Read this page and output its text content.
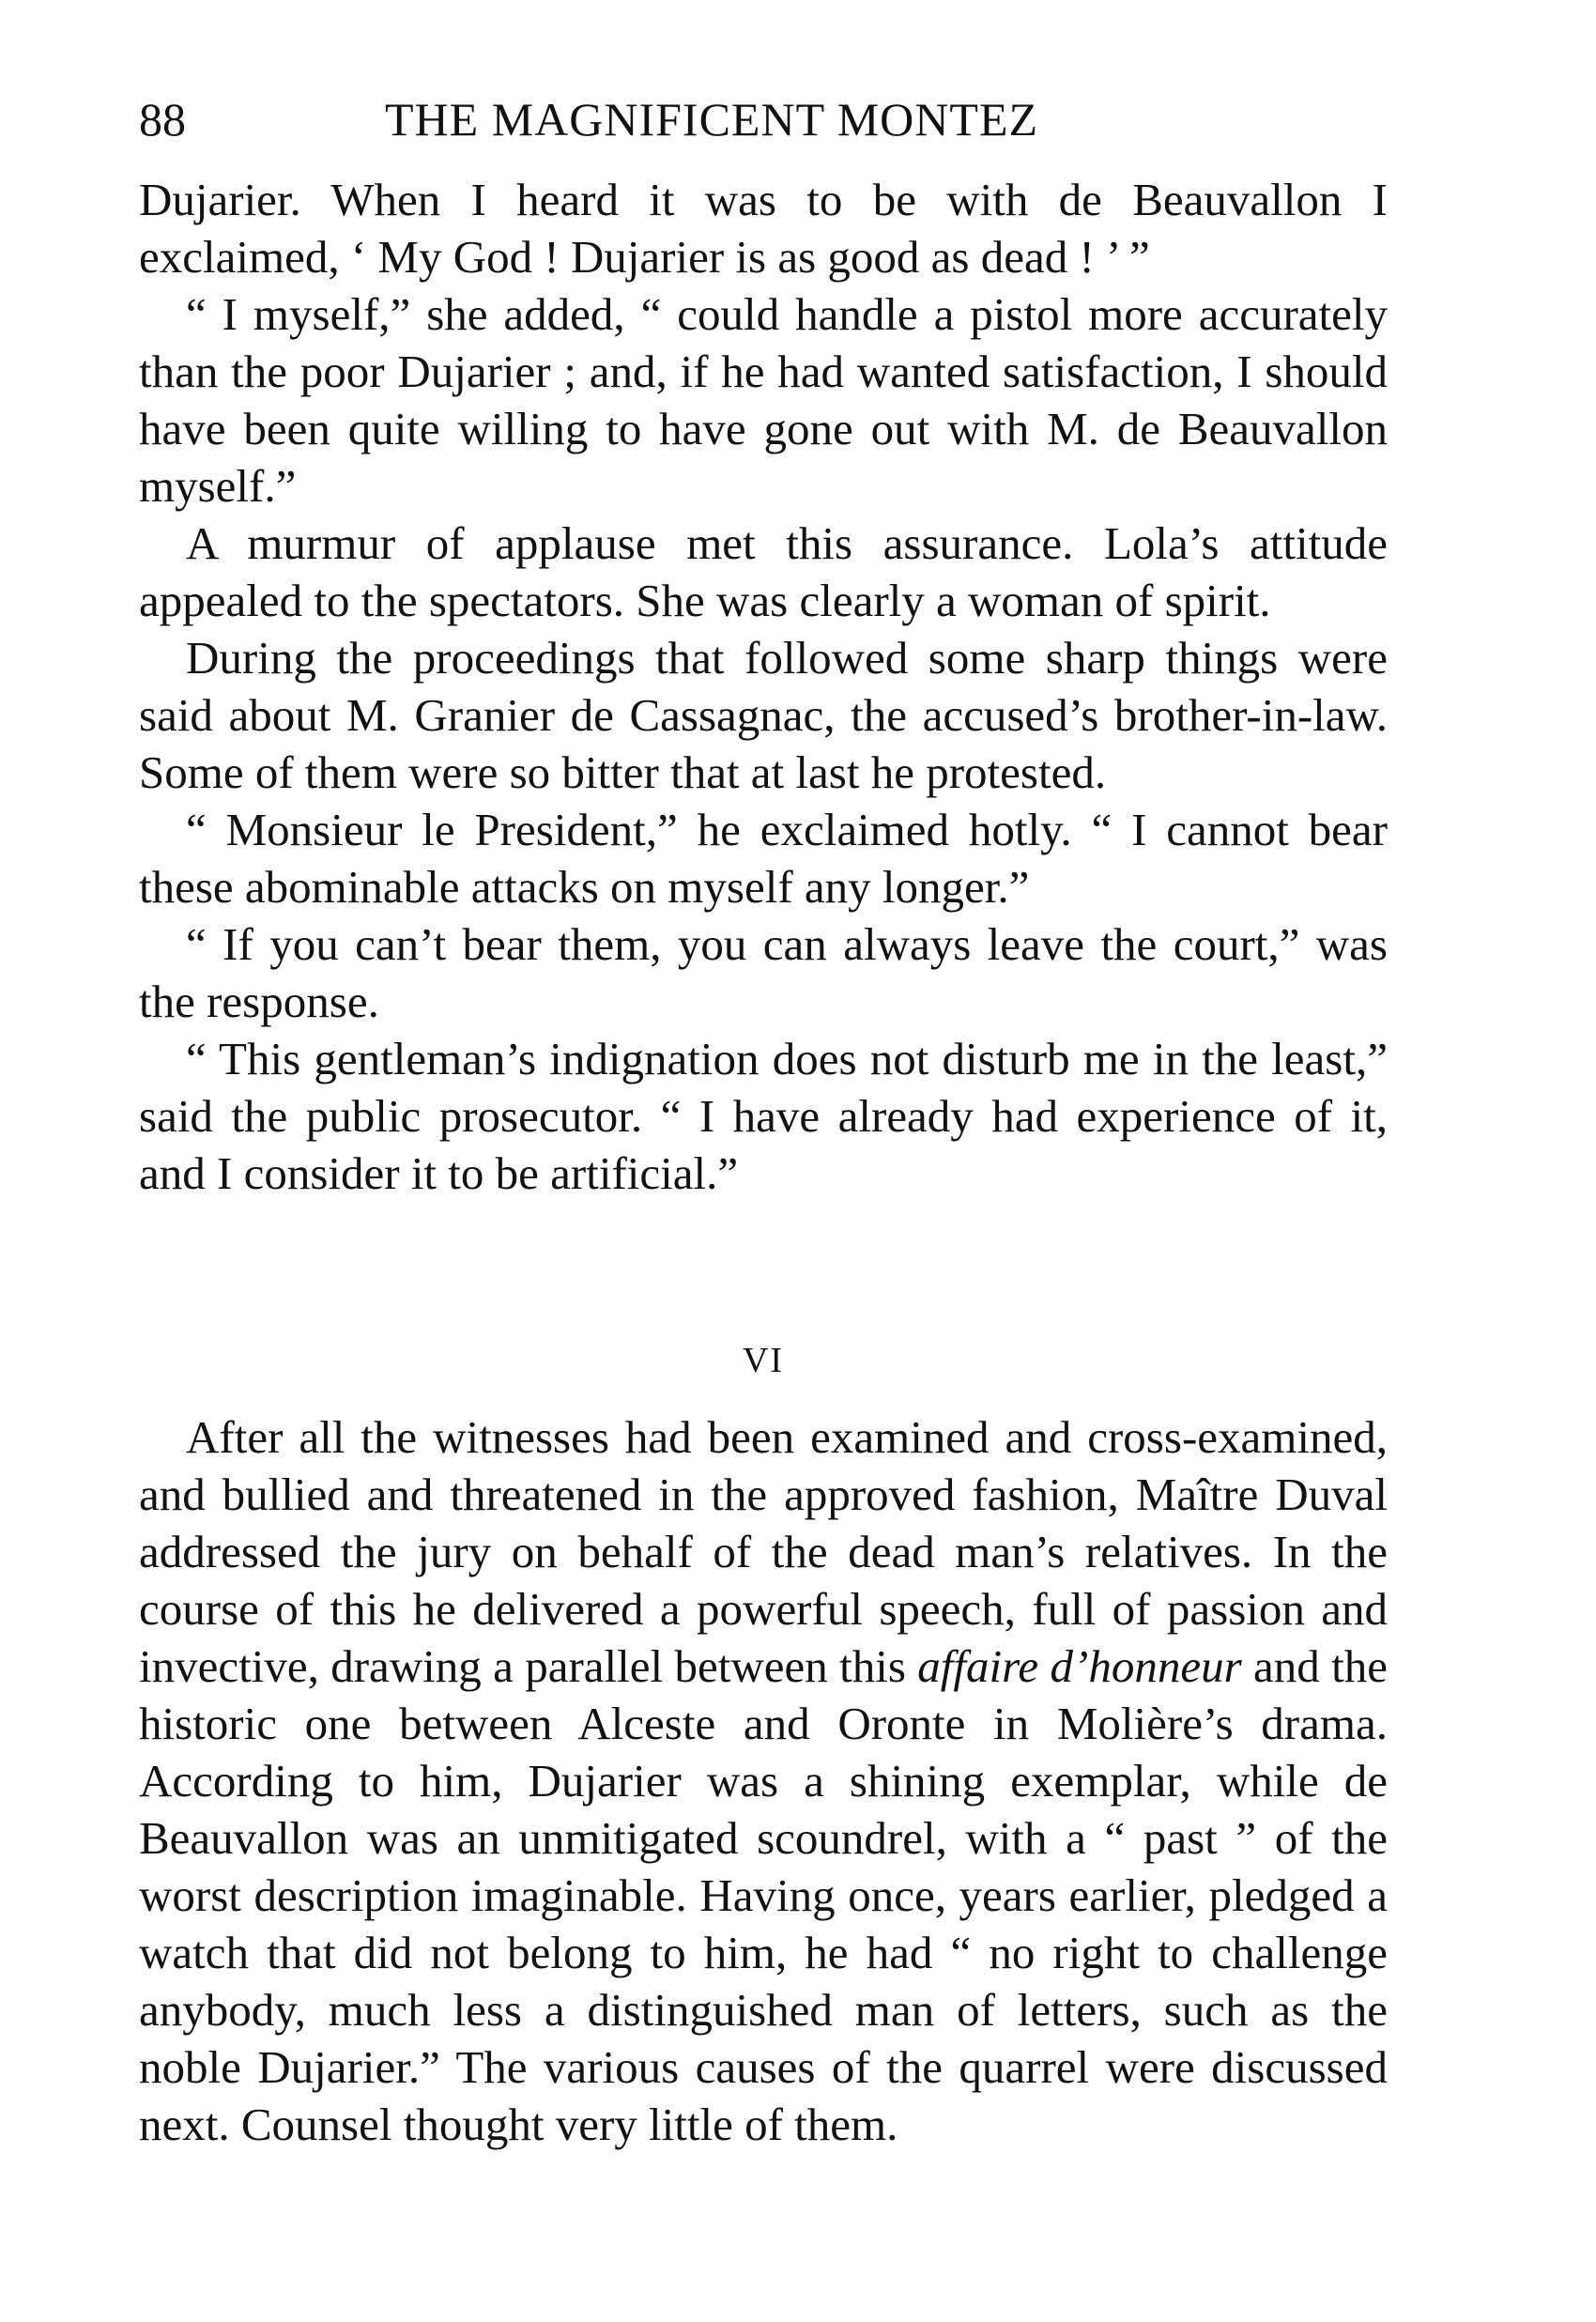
88	THE MAGNIFICENT MONTEZ

Dujarier. When I heard it was to be with de Beauvallon I exclaimed, ‘ My God ! Dujarier is as good as dead ! ’ ”

“ I myself,” she added, “ could handle a pistol more accurately than the poor Dujarier ; and, if he had wanted satisfaction, I should have been quite willing to have gone out with M. de Beauvallon myself.”

A murmur of applause met this assurance. Lola’s attitude appealed to the spectators. She was clearly a woman of spirit.

During the proceedings that followed some sharp things were said about M. Granier de Cassagnac, the accused’s brother-in-law. Some of them were so bitter that at last he protested.

“ Monsieur le President,” he exclaimed hotly. “ I cannot bear these abominable attacks on myself any longer.”

“ If you can’t bear them, you can always leave the court,” was the response.

“ This gentleman’s indignation does not disturb me in the least,” said the public prosecutor. “ I have already had experience of it, and I consider it to be artificial.”

VI

After all the witnesses had been examined and cross-examined, and bullied and threatened in the approved fashion, Maître Duval addressed the jury on behalf of the dead man’s relatives. In the course of this he delivered a powerful speech, full of passion and invective, drawing a parallel between this affaire d’honneur and the historic one between Alceste and Oronte in Molière’s drama. According to him, Dujarier was a shining exemplar, while de Beauvallon was an unmitigated scoundrel, with a “ past ” of the worst description imaginable. Having once, years earlier, pledged a watch that did not belong to him, he had “ no right to challenge anybody, much less a distinguished man of letters, such as the noble Dujarier.” The various causes of the quarrel were discussed next. Counsel thought very little of them.
